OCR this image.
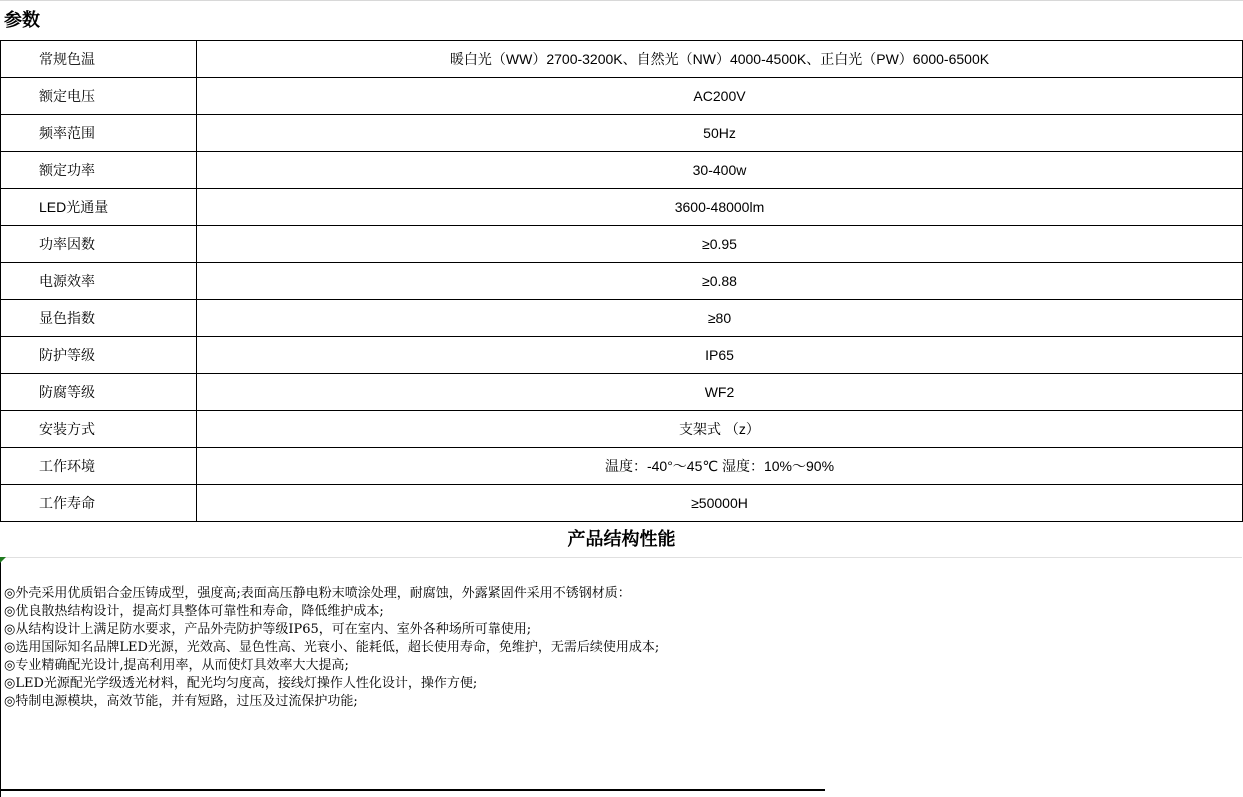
参数
常规色温	暖白光（WW）2700-3200K、自然光（NW）4000-4500K、正白光（PW）6000-6500K
额定电压	AC200V
频率范围	50Hz
额定功率	30-400w
LED光通量	3600-48000lm
功率因数	≥0.95
电源效率	≥0.88
显色指数	≥80
防护等级	IP65
防腐等级	WF2
安装方式	支架式 （z）
工作环境	温度：-40°～45℃ 湿度：10%～90%
工作寿命	≥50000H
产品结构性能
◎外壳采用优质铝合金压铸成型，强度高;表面高压静电粉末喷涂处理，耐腐蚀，外露紧固件采用不锈钢材质：
◎优良散热结构设计，提高灯具整体可靠性和寿命，降低维护成本;
◎从结构设计上满足防水要求，产品外壳防护等级IP65，可在室内、室外各种场所可靠使用;
◎选用国际知名品牌LED光源，光效高、显色性高、光衰小、能耗低，超长使用寿命，免维护，无需后续使用成本;
◎专业精确配光设计,提高利用率，从而使灯具效率大大提高;
◎LED光源配光学级透光材料，配光均匀度高，接线灯操作人性化设计，操作方便;
◎特制电源模块，高效节能，并有短路，过压及过流保护功能;
